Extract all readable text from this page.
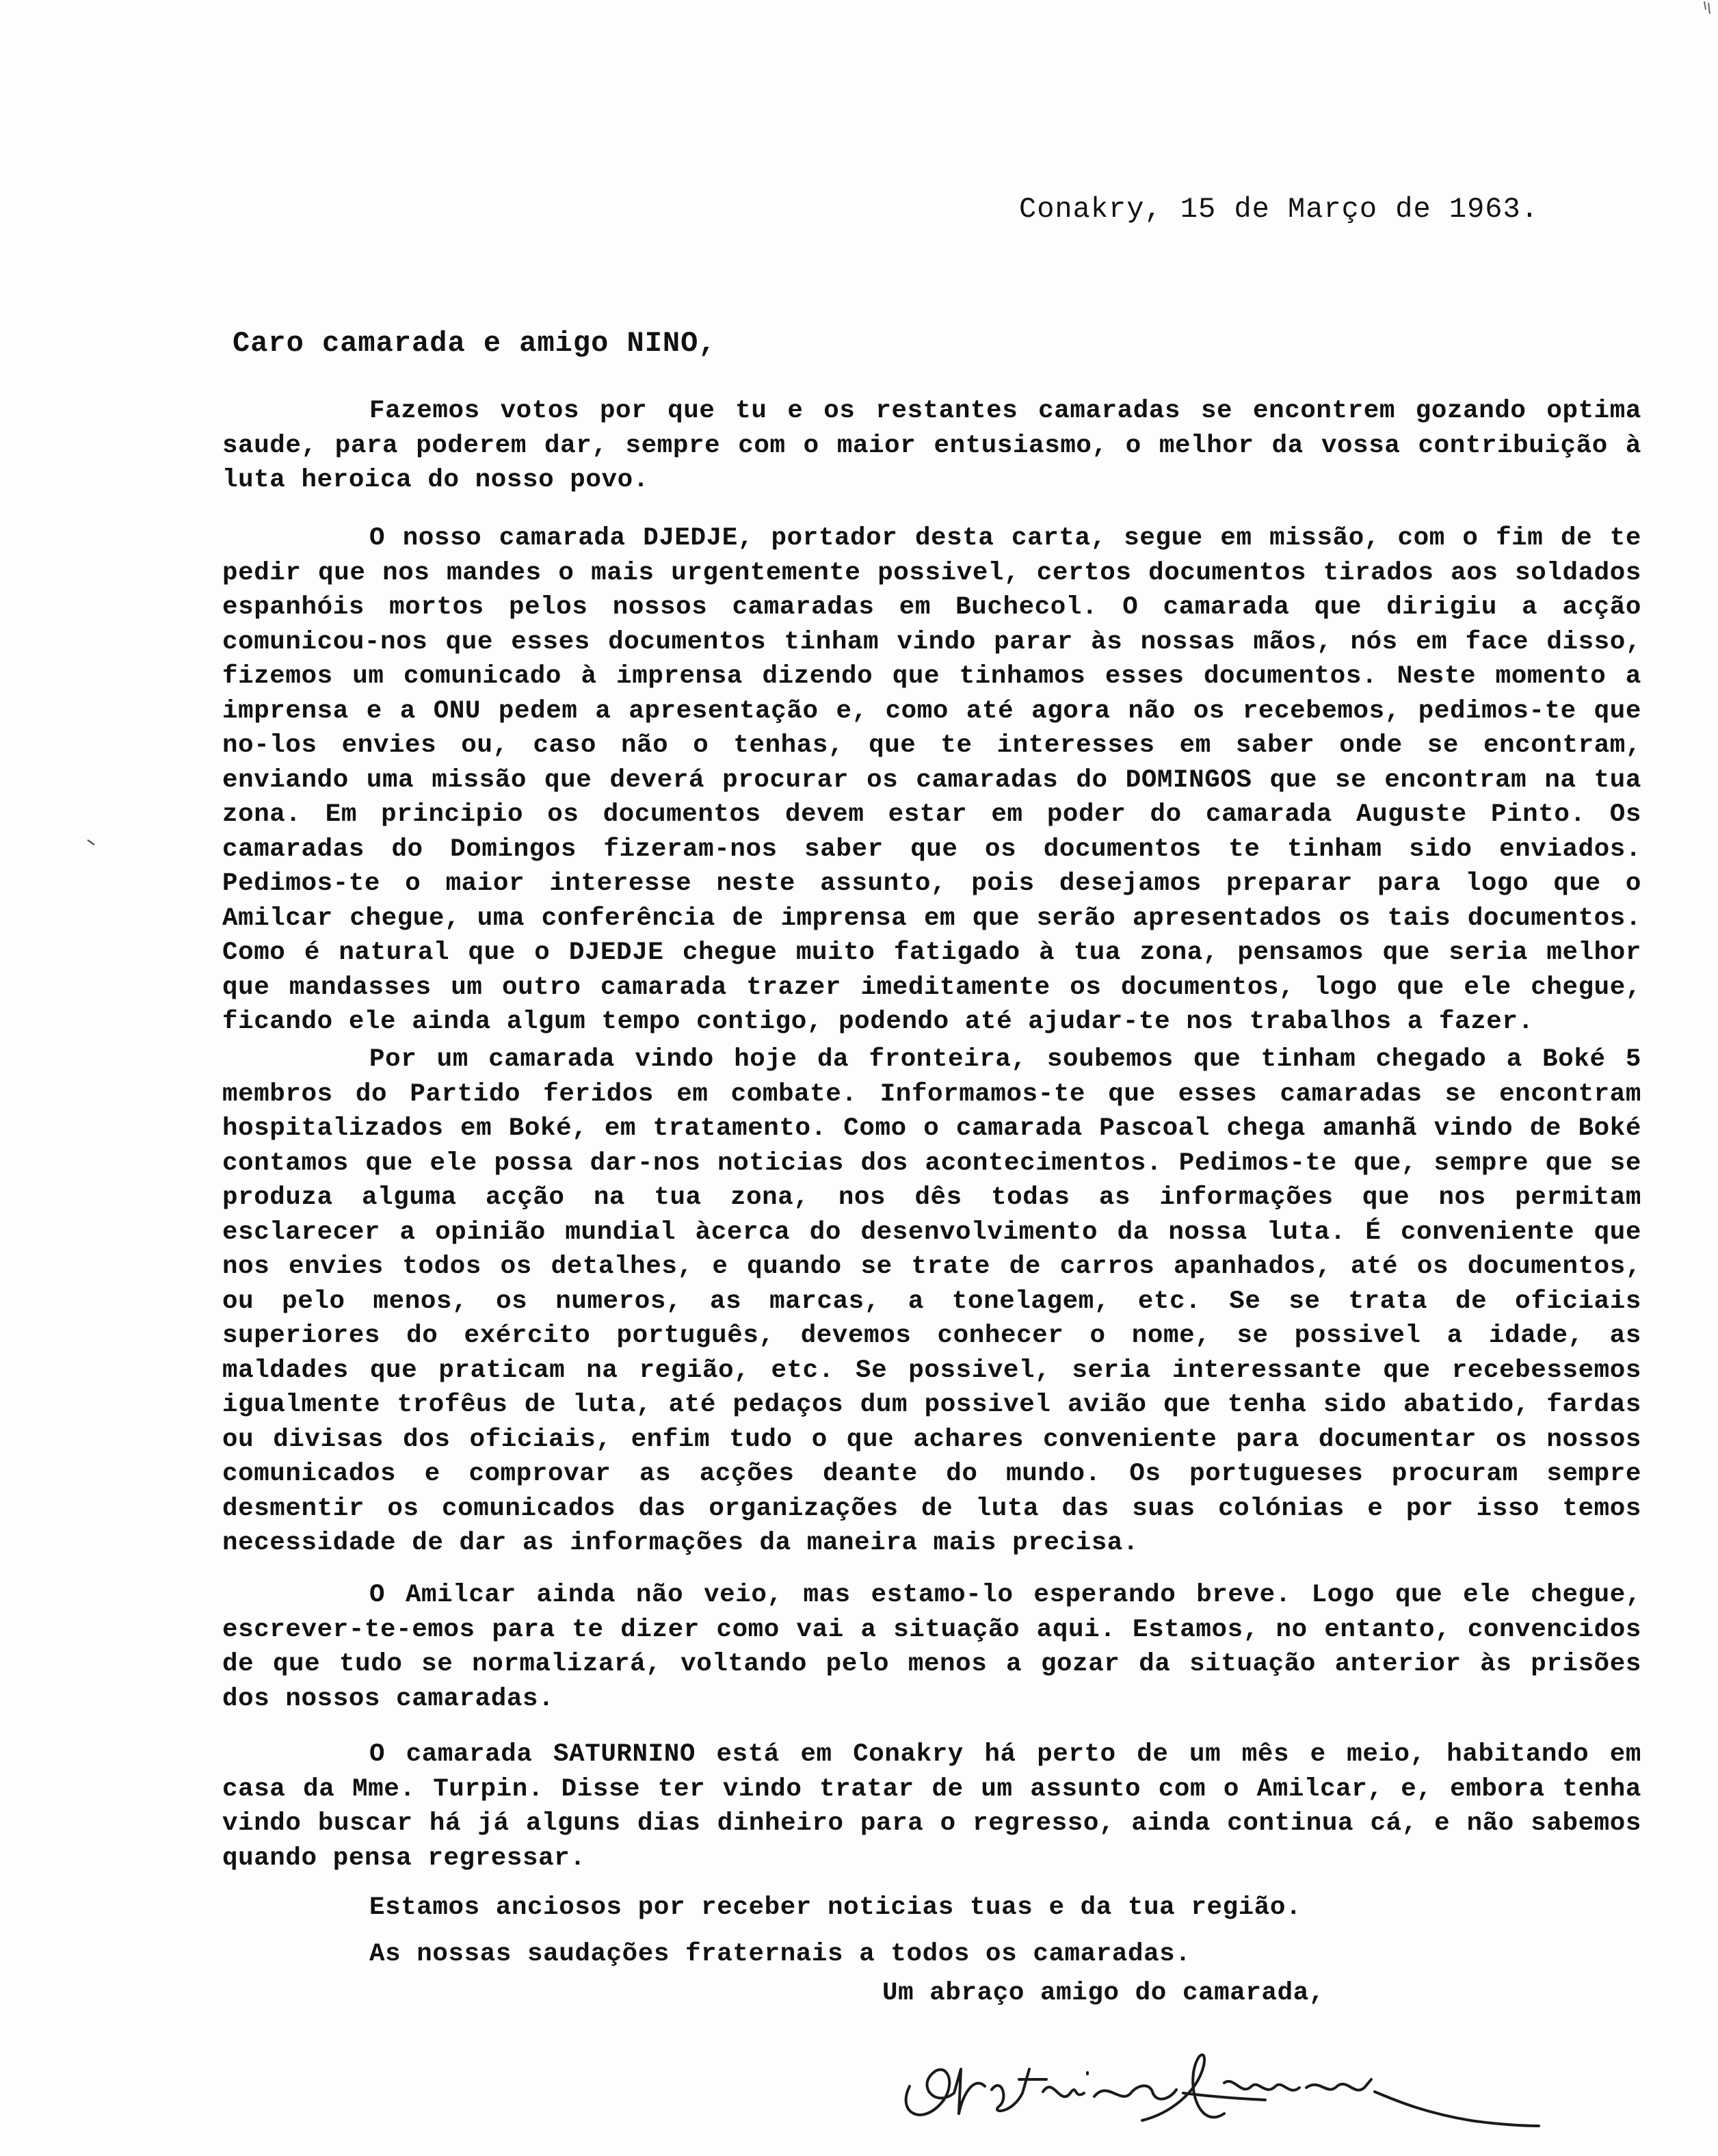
Conakry, 15 de Março de 1963.
Caro camarada e amigo NINO,

Fazemos votos por que tu e os restantes camaradas se encontrem gozando optima saude, para poderem dar, sempre com o maior entusiasmo, o melhor da vossa contribuição à luta heroica do nosso povo.

O nosso camarada DJEDJE, portador desta carta, segue em missão, com o fim de te pedir que nos mandes o mais urgentemente possivel, certos documentos tirados aos soldados espanhóis mortos pelos nossos camaradas em Buchecol. O camarada que dirigiu a acção comunicou-nos que esses documentos tinham vindo parar às nossas mãos, nós em face disso, fizemos um comunicado à imprensa dizendo que tinhamos esses documentos. Neste momento a imprensa e a ONU pedem a apresentação e, como até agora não os recebemos, pedimos-te que no-los envies ou, caso não o tenhas, que te interesses em saber onde se encontram, enviando uma missão que deverá procurar os camaradas do DOMINGOS que se encontram na tua zona. Em principio os documentos devem estar em poder do camarada Auguste Pinto. Os camaradas do Domingos fizeram-nos saber que os documentos te tinham sido enviados. Pedimos-te o maior interesse neste assunto, pois desejamos preparar para logo que o Amilcar chegue, uma conferência de imprensa em que serão apresentados os tais documentos. Como é natural que o DJEDJE chegue muito fatigado à tua zona, pensamos que seria melhor que mandasses um outro camarada trazer imeditamente os documentos, logo que ele chegue, ficando ele ainda algum tempo contigo, podendo até ajudar-te nos trabalhos a fazer.

Por um camarada vindo hoje da fronteira, soubemos que tinham chegado a Boké 5 membros do Partido feridos em combate. Informamos-te que esses camaradas se encontram hospitalizados em Boké, em tratamento. Como o camarada Pascoal chega amanhã vindo de Boké contamos que ele possa dar-nos noticias dos acontecimentos. Pedimos-te que, sempre que se produza alguma acção na tua zona, nos dês todas as informações que nos permitam esclarecer a opinião mundial àcerca do desenvolvimento da nossa luta. É conveniente que nos envies todos os detalhes, e quando se trate de carros apanhados, até os documentos, ou pelo menos, os numeros, as marcas, a tonelagem, etc. Se se trata de oficiais superiores do exército português, devemos conhecer o nome, se possivel a idade, as maldades que praticam na região, etc. Se possivel, seria interessante que recebessemos igualmente trofêus de luta, até pedaços dum possivel avião que tenha sido abatido, fardas ou divisas dos oficiais, enfim tudo o que achares conveniente para documentar os nossos comunicados e comprovar as acções deante do mundo. Os portugueses procuram sempre desmentir os comunicados das organizações de luta das suas colónias e por isso temos necessidade de dar as informações da maneira mais precisa.

O Amilcar ainda não veio, mas estamo-lo esperando breve. Logo que ele chegue, escrever-te-emos para te dizer como vai a situação aqui. Estamos, no entanto, convencidos de que tudo se normalizará, voltando pelo menos a gozar da situação anterior às prisões dos nossos camaradas.

O camarada SATURNINO está em Conakry há perto de um mês e meio, habitando em casa da Mme. Turpin. Disse ter vindo tratar de um assunto com o Amilcar, e, embora tenha vindo buscar há já alguns dias dinheiro para o regresso, ainda continua cá, e não sabemos quando pensa regressar.

Estamos anciosos por receber noticias tuas e da tua região.
As nossas saudações fraternais a todos os camaradas.
Um abraço amigo do camarada,
